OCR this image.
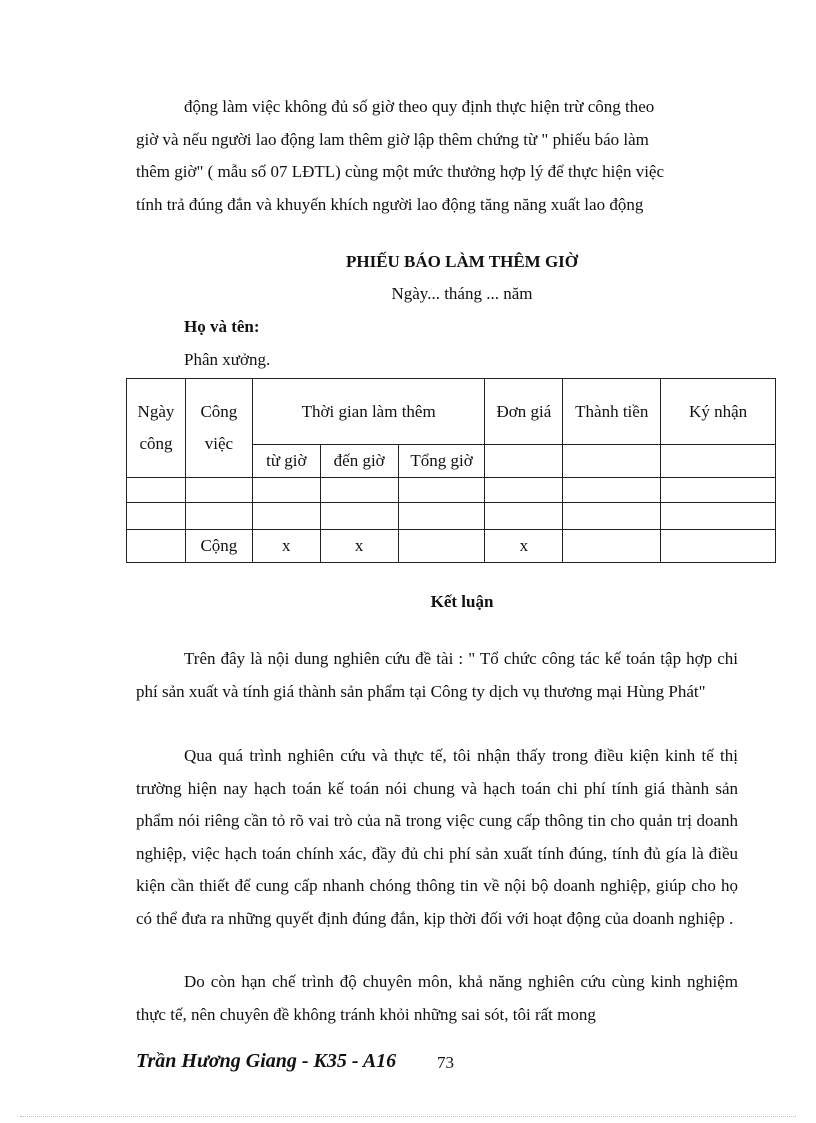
động làm việc không đủ số giờ theo quy định thực hiện trừ công theo
giờ và nếu người lao động lam thêm giờ lập thêm chứng từ " phiếu báo làm
thêm giờ" ( mẫu số 07 LĐTL) cùng một mức thưởng hợp lý để thực hiện việc
tính trả đúng đắn và khuyến khích người lao động tăng năng xuất lao động
PHIẾU BÁO LÀM THÊM GIỜ
Ngày... tháng ... năm
Họ và tên:
Phân xưởng.
Ngày công	Công việc	Thời gian làm thêm			Đơn giá	Thành tiền	Ký nhận
		từ giờ	đến giờ	Tổng giờ			

	Cộng	x	x		x		
Kết luận

Trên đây là nội dung nghiên cứu đề tài : " Tổ chức công tác kế toán tập hợp chi phí sản xuất và tính giá thành sản phẩm tại Công ty dịch vụ thương mại Hùng Phát"

Qua quá trình nghiên cứu và thực tế, tôi nhận thấy trong điều kiện kinh tế thị trường hiện nay hạch toán kế toán nói chung và hạch toán chi phí tính giá thành sản phẩm nói riêng cần tỏ rõ vai trò của nã trong việc cung cấp thông tin cho quản trị doanh nghiệp, việc hạch toán chính xác, đầy đủ chi phí sản xuất tính đúng, tính đủ gía là điều kiện cần thiết để cung cấp nhanh chóng thông tin về nội bộ doanh nghiệp, giúp cho họ có thể đưa ra những quyết định đúng đắn, kịp thời đối với hoạt động của doanh nghiệp .

Do còn hạn chế trình độ chuyên môn, khả năng nghiên cứu cùng kinh nghiệm thực tế, nên chuyên đề không tránh khỏi những sai sót, tôi rất mong

Trần Hương Giang - K35 - A16 73
